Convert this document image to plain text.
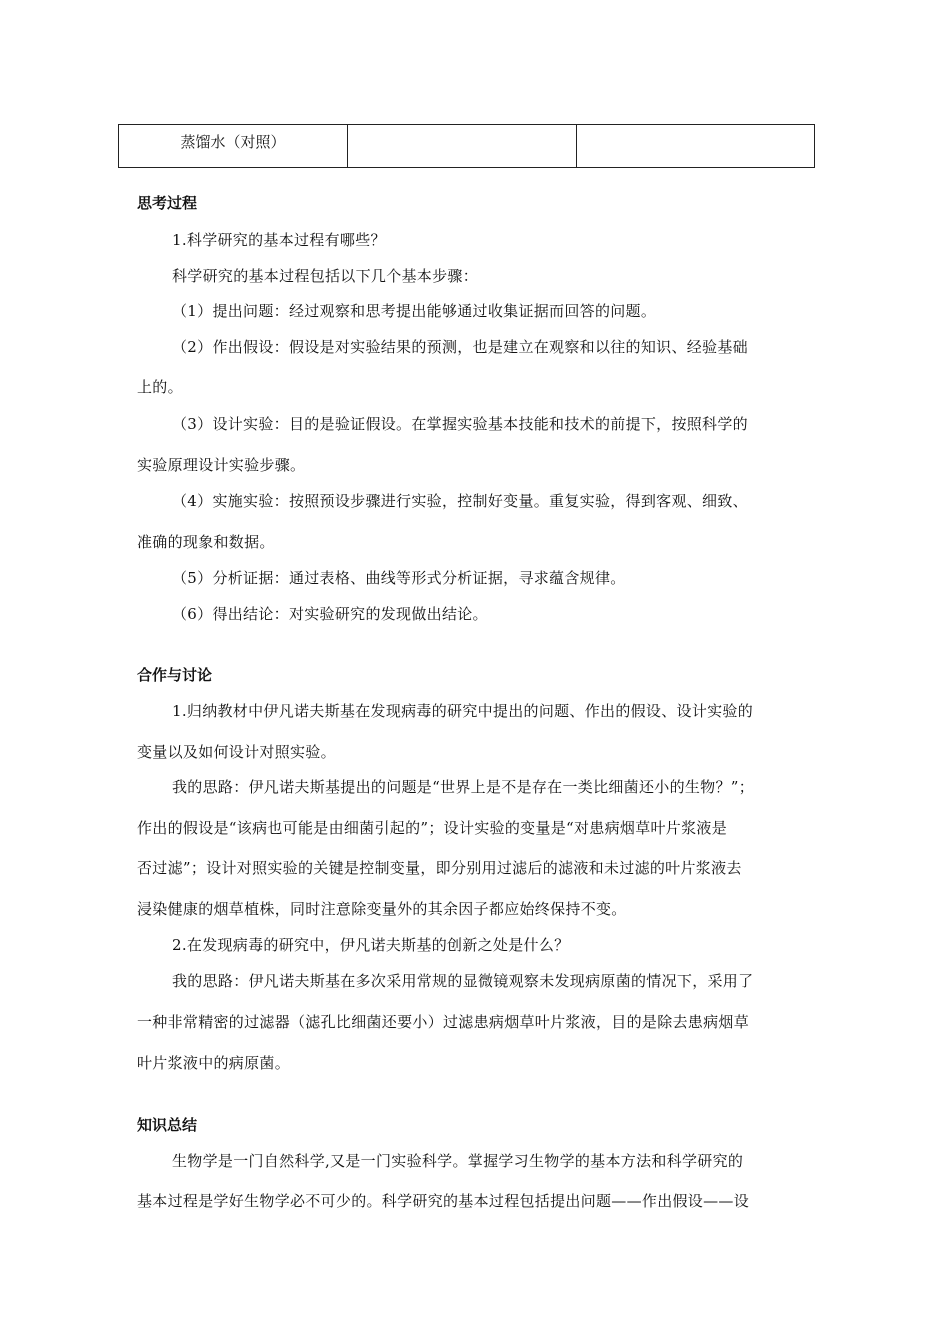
蒸馏水（对照）		
思考过程
1.科学研究的基本过程有哪些？
科学研究的基本过程包括以下几个基本步骤：
（1）提出问题：经过观察和思考提出能够通过收集证据而回答的问题。
（2）作出假设：假设是对实验结果的预测，也是建立在观察和以往的知识、经验基础
上的。
（3）设计实验：目的是验证假设。在掌握实验基本技能和技术的前提下，按照科学的
实验原理设计实验步骤。
（4）实施实验：按照预设步骤进行实验，控制好变量。重复实验，得到客观、细致、
准确的现象和数据。
（5）分析证据：通过表格、曲线等形式分析证据，寻求蕴含规律。
（6）得出结论：对实验研究的发现做出结论。
合作与讨论
1.归纳教材中伊凡诺夫斯基在发现病毒的研究中提出的问题、作出的假设、设计实验的
变量以及如何设计对照实验。
我的思路：伊凡诺夫斯基提出的问题是“世界上是不是存在一类比细菌还小的生物？”；
作出的假设是“该病也可能是由细菌引起的”；设计实验的变量是“对患病烟草叶片浆液是
否过滤”；设计对照实验的关键是控制变量，即分别用过滤后的滤液和未过滤的叶片浆液去
浸染健康的烟草植株，同时注意除变量外的其余因子都应始终保持不变。
2.在发现病毒的研究中，伊凡诺夫斯基的创新之处是什么？
我的思路：伊凡诺夫斯基在多次采用常规的显微镜观察未发现病原菌的情况下，采用了
一种非常精密的过滤器（滤孔比细菌还要小）过滤患病烟草叶片浆液，目的是除去患病烟草
叶片浆液中的病原菌。
知识总结
生物学是一门自然科学,又是一门实验科学。掌握学习生物学的基本方法和科学研究的
基本过程是学好生物学必不可少的。科学研究的基本过程包括提出问题——作出假设——设
